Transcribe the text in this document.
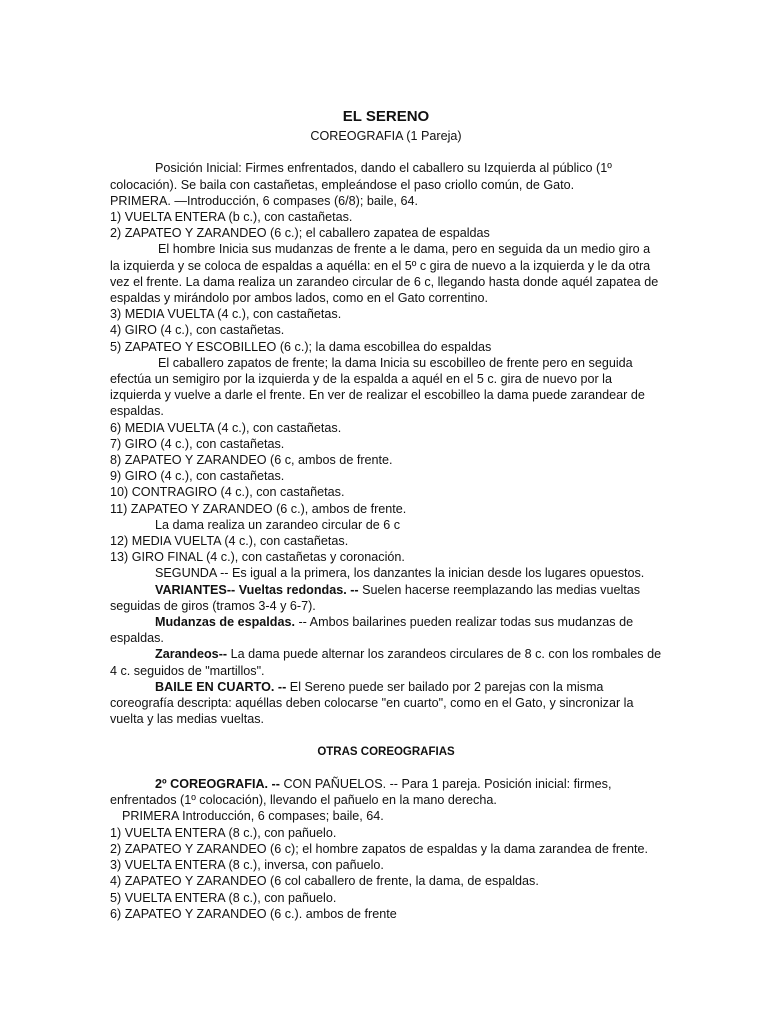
EL SERENO

COREOGRAFIA (1 Pareja)

Posición Inicial: Firmes enfrentados, dando el caballero su Izquierda al público (1º colocación). Se baila con castañetas, empleándose el paso criollo común, de Gato.

PRIMERA. —Introducción, 6 compases (6/8); baile, 64.

1) VUELTA ENTERA (b c.), con castañetas.

2) ZAPATEO Y ZARANDEO (6 c.); el caballero zapatea de espaldas

El hombre Inicia sus mudanzas de frente a le dama, pero en seguida da un medio giro a la izquierda y se coloca de espaldas a aquélla: en el 5º c gira de nuevo a la izquierda y le da otra vez el frente. La dama realiza un zarandeo circular de 6 c, llegando hasta donde aquél zapatea de espaldas y mirándolo por ambos lados, como en el Gato correntino.

3) MEDIA VUELTA (4 c.), con castañetas.

4) GIRO (4 c.), con castañetas.

5) ZAPATEO Y ESCOBILLEO (6 c.); la dama escobillea do espaldas

El caballero zapatos de frente; la dama Inicia su escobilleo de frente pero en seguida efectúa un semigiro por la izquierda y de la espalda a aquél en el 5 c. gira de nuevo por la izquierda y vuelve a darle el frente. En ver de realizar el escobilleo la dama puede zarandear de espaldas.

6) MEDIA VUELTA (4 c.), con castañetas.

7) GIRO (4 c.), con castañetas.

8) ZAPATEO Y ZARANDEO (6 c, ambos de frente.

9) GIRO (4 c.), con castañetas.

10) CONTRAGIRO (4 c.), con castañetas.

11) ZAPATEO Y ZARANDEO (6 c.), ambos de frente.

La dama realiza un zarandeo circular de 6 c

12) MEDIA VUELTA (4 c.), con castañetas.

13) GIRO FINAL (4 c.), con castañetas y coronación.

SEGUNDA -- Es igual a la primera, los danzantes la inician desde los lugares opuestos.

VARIANTES-- Vueltas redondas. -- Suelen hacerse reemplazando las medias vueltas seguidas de giros (tramos 3-4 y 6-7).

Mudanzas de espaldas. -- Ambos bailarines pueden realizar todas sus mudanzas de espaldas.

Zarandeos-- La dama puede alternar los zarandeos circulares de 8 c. con los rombales de 4 c. seguidos de "martillos".

BAILE EN CUARTO. -- El Sereno puede ser bailado por 2 parejas con la misma coreografía descripta: aquéllas deben colocarse "en cuarto", como en el Gato, y sincronizar la vuelta y las medias vueltas.

OTRAS COREOGRAFIAS

2º COREOGRAFIA. -- CON PAÑUELOS. -- Para 1 pareja. Posición inicial: firmes, enfrentados (1º colocación), llevando el pañuelo en la mano derecha.

PRIMERA Introducción, 6 compases; baile, 64.

1) VUELTA ENTERA (8 c.), con pañuelo.

2) ZAPATEO Y ZARANDEO (6 c); el hombre zapatos de espaldas y la dama zarandea de frente.

3) VUELTA ENTERA (8 c.), inversa, con pañuelo.

4) ZAPATEO Y ZARANDEO (6 col caballero de frente, la dama, de espaldas.

5) VUELTA ENTERA (8 c.), con pañuelo.

6) ZAPATEO Y ZARANDEO (6 c.). ambos de frente
